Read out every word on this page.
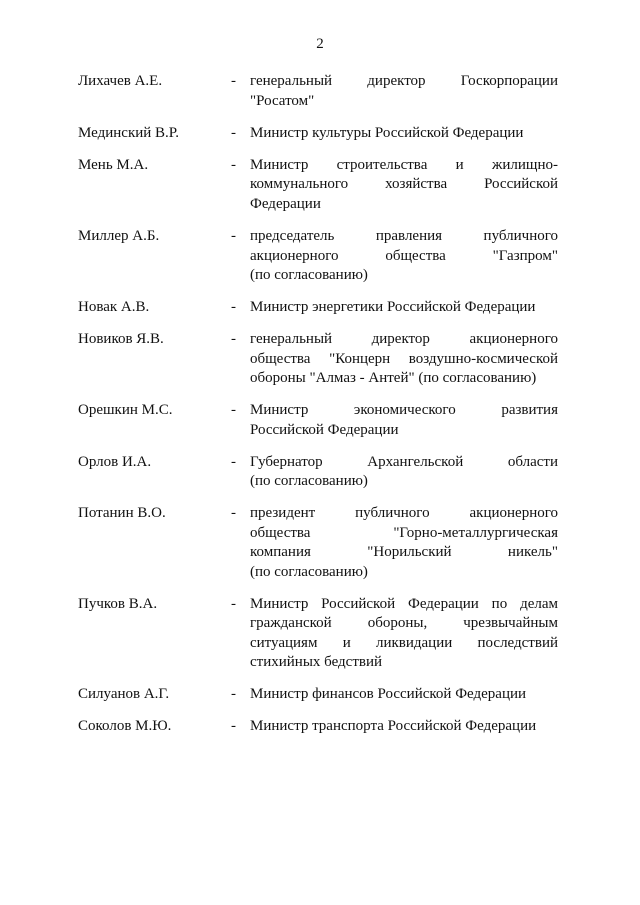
2
Лихачев А.Е.	- генеральный директор Госкорпорации
"Росатом"
Мединский В.Р.	- Министр культуры Российской Федерации
Мень М.А.	- Министр строительства и жилищно-
коммунального хозяйства Российской
Федерации
Миллер А.Б.	- председатель правления публичного
акционерного общества "Газпром"
(по согласованию)
Новак А.В.	- Министр энергетики Российской Федерации
Новиков Я.В.	- генеральный директор акционерного
общества "Концерн воздушно-космической
обороны "Алмаз - Антей" (по согласованию)
Орешкин М.С.	- Министр экономического развития
Российской Федерации
Орлов И.А.	- Губернатор Архангельской области
(по согласованию)
Потанин В.О.	- президент публичного акционерного
общества "Горно-металлургическая
компания "Норильский никель"
(по согласованию)
Пучков В.А.	- Министр Российской Федерации по делам
гражданской обороны, чрезвычайным
ситуациям и ликвидации последствий
стихийных бедствий
Силуанов А.Г.	- Министр финансов Российской Федерации
Соколов М.Ю.	- Министр транспорта Российской Федерации
